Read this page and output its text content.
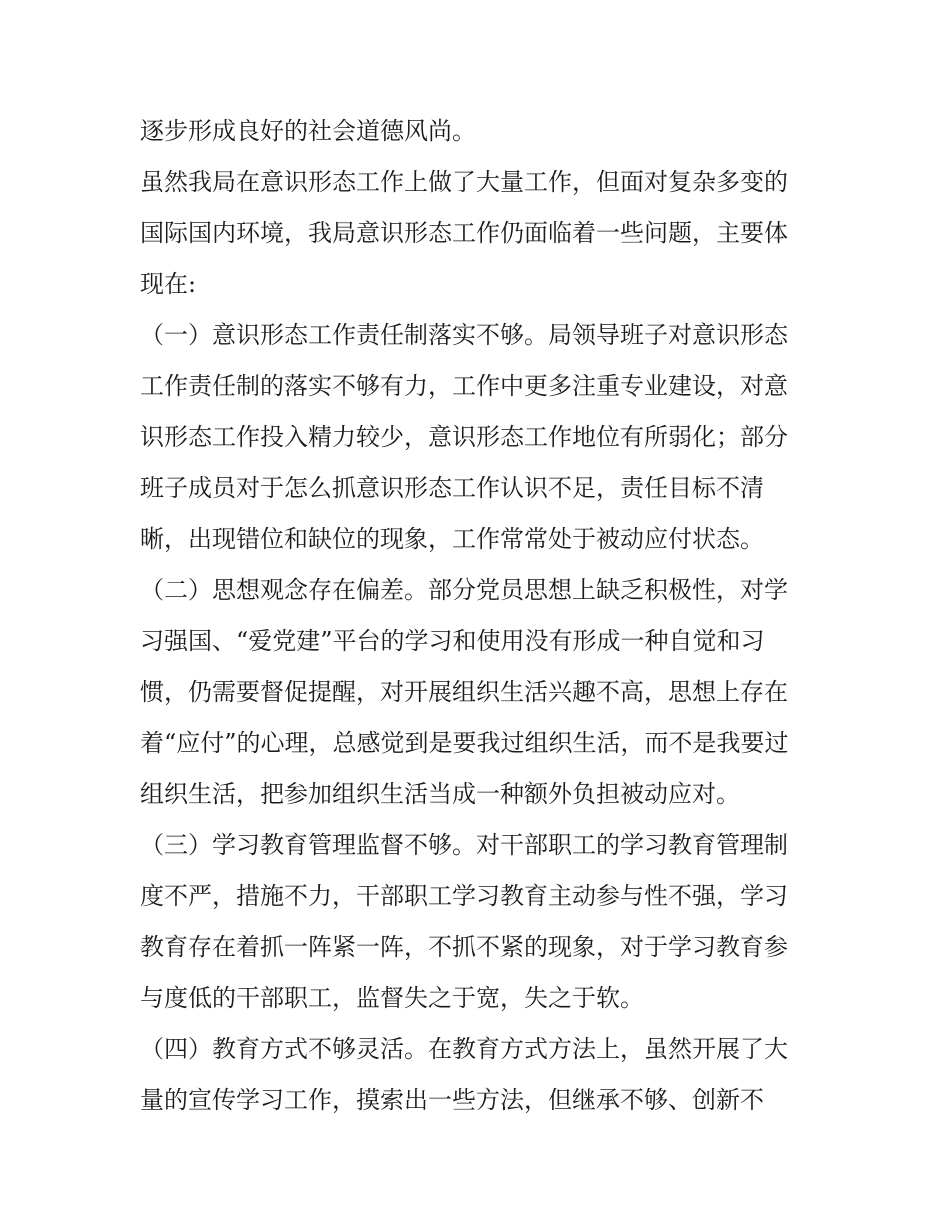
逐步形成良好的社会道德风尚。
虽然我局在意识形态工作上做了大量工作，但面对复杂多变的
国际国内环境，我局意识形态工作仍面临着一些问题，主要体
现在:
（一）意识形态工作责任制落实不够。局领导班子对意识形态
工作责任制的落实不够有力，工作中更多注重专业建设，对意
识形态工作投入精力较少，意识形态工作地位有所弱化；部分
班子成员对于怎么抓意识形态工作认识不足，责任目标不清
晰，出现错位和缺位的现象，工作常常处于被动应付状态。
（二）思想观念存在偏差。部分党员思想上缺乏积极性，对学
习强国、“爱党建”平台的学习和使用没有形成一种自觉和习
惯，仍需要督促提醒，对开展组织生活兴趣不高，思想上存在
着“应付”的心理，总感觉到是要我过组织生活，而不是我要过
组织生活，把参加组织生活当成一种额外负担被动应对。
（三）学习教育管理监督不够。对干部职工的学习教育管理制
度不严，措施不力，干部职工学习教育主动参与性不强，学习
教育存在着抓一阵紧一阵，不抓不紧的现象，对于学习教育参
与度低的干部职工，监督失之于宽，失之于软。
（四）教育方式不够灵活。在教育方式方法上，虽然开展了大
量的宣传学习工作，摸索出一些方法，但继承不够、创新不
